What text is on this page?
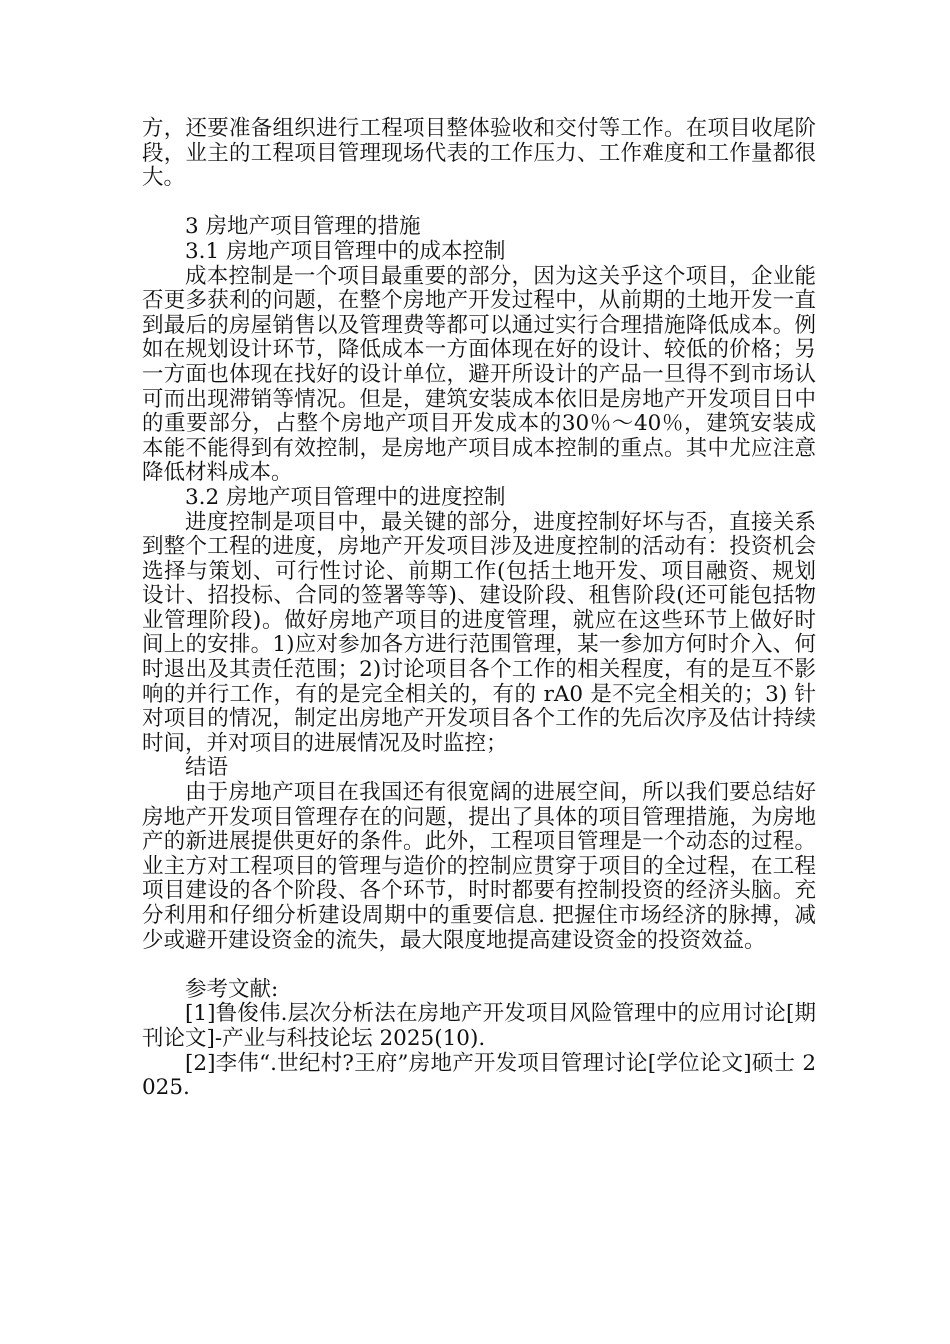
方，还要准备组织进行工程项目整体验收和交付等工作。在项目收尾阶段，业主的工程项目管理现场代表的工作压力、工作难度和工作量都很大。

3 房地产项目管理的措施

3.1 房地产项目管理中的成本控制

成本控制是一个项目最重要的部分，因为这关乎这个项目，企业能否更多获利的问题，在整个房地产开发过程中，从前期的土地开发一直到最后的房屋销售以及管理费等都可以通过实行合理措施降低成本。例如在规划设计环节，降低成本一方面体现在好的设计、较低的价格；另一方面也体现在找好的设计单位，避开所设计的产品一旦得不到市场认可而出现滞销等情况。但是，建筑安装成本依旧是房地产开发项目日中的重要部分，占整个房地产项目开发成本的30％～40％，建筑安装成本能不能得到有效控制，是房地产项目成本控制的重点。其中尤应注意降低材料成本。

3.2 房地产项目管理中的进度控制

进度控制是项目中，最关键的部分，进度控制好坏与否，直接关系到整个工程的进度，房地产开发项目涉及进度控制的活动有：投资机会选择与策划、可行性讨论、前期工作(包括土地开发、项目融资、规划设计、招投标、合同的签署等等)、建设阶段、租售阶段(还可能包括物业管理阶段)。做好房地产项目的进度管理，就应在这些环节上做好时间上的安排。1)应对参加各方进行范围管理，某一参加方何时介入、何时退出及其责任范围；2)讨论项目各个工作的相关程度，有的是互不影响的并行工作，有的是完全相关的，有的 rA0 是不完全相关的；3) 针对项目的情况，制定出房地产开发项目各个工作的先后次序及估计持续时间，并对项目的进展情况及时监控；

结语

由于房地产项目在我国还有很宽阔的进展空间，所以我们要总结好房地产开发项目管理存在的问题，提出了具体的项目管理措施，为房地产的新进展提供更好的条件。此外，工程项目管理是一个动态的过程。业主方对工程项目的管理与造价的控制应贯穿于项目的全过程，在工程项目建设的各个阶段、各个环节，时时都要有控制投资的经济头脑。充分利用和仔细分析建设周期中的重要信息. 把握住市场经济的脉搏，减少或避开建设资金的流失，最大限度地提高建设资金的投资效益。

参考文献:

[1]鲁俊伟.层次分析法在房地产开发项目风险管理中的应用讨论[期刊论文]-产业与科技论坛 2025(10).

[2]李伟“.世纪村?王府”房地产开发项目管理讨论[学位论文]硕士 2025.
